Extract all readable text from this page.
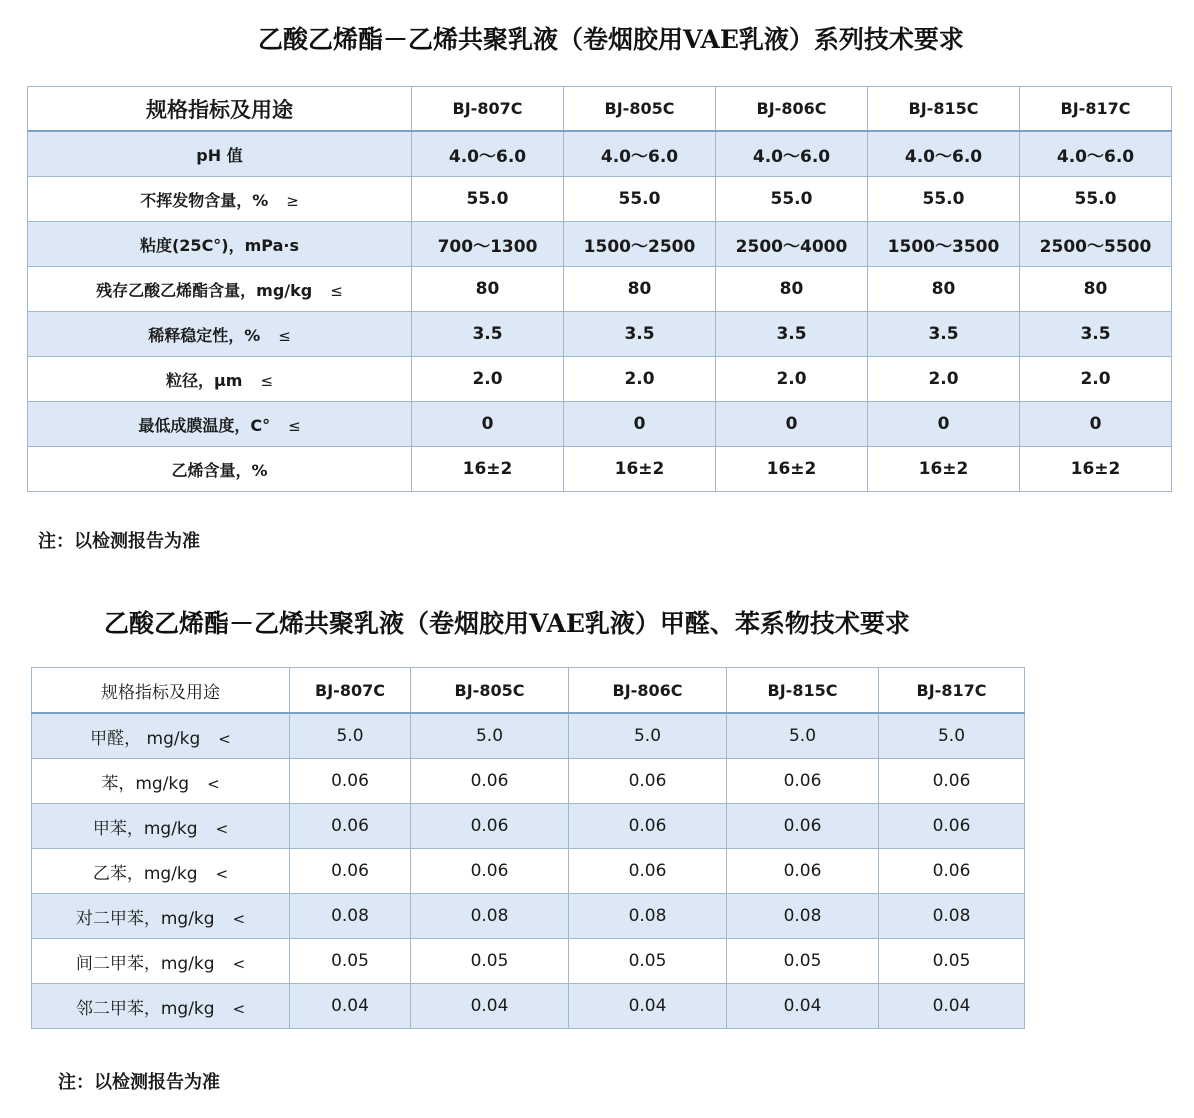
乙酸乙烯酯－乙烯共聚乳液（卷烟胶用VAE乳液）系列技术要求
规格指标及用途	BJ-807C	BJ-805C	BJ-806C	BJ-815C	BJ-817C
pH 值	4.0～6.0	4.0～6.0	4.0～6.0	4.0～6.0	4.0～6.0
不挥发物含量，% ≥	55.0	55.0	55.0	55.0	55.0
粘度(25C°)，mPa·s	700～1300	1500～2500	2500～4000	1500～3500	2500～5500
残存乙酸乙烯酯含量，mg/kg ≤	80	80	80	80	80
稀释稳定性，% ≤	3.5	3.5	3.5	3.5	3.5
粒径，μm ≤	2.0	2.0	2.0	2.0	2.0
最低成膜温度，C° ≤	0	0	0	0	0
乙烯含量，%	16±2	16±2	16±2	16±2	16±2
注：以检测报告为准
乙酸乙烯酯－乙烯共聚乳液（卷烟胶用VAE乳液）甲醛、苯系物技术要求
规格指标及用途	BJ-807C	BJ-805C	BJ-806C	BJ-815C	BJ-817C
甲醛， mg/kg <	5.0	5.0	5.0	5.0	5.0
苯，mg/kg <	0.06	0.06	0.06	0.06	0.06
甲苯，mg/kg <	0.06	0.06	0.06	0.06	0.06
乙苯，mg/kg <	0.06	0.06	0.06	0.06	0.06
对二甲苯，mg/kg <	0.08	0.08	0.08	0.08	0.08
间二甲苯，mg/kg <	0.05	0.05	0.05	0.05	0.05
邻二甲苯，mg/kg <	0.04	0.04	0.04	0.04	0.04
注：以检测报告为准
